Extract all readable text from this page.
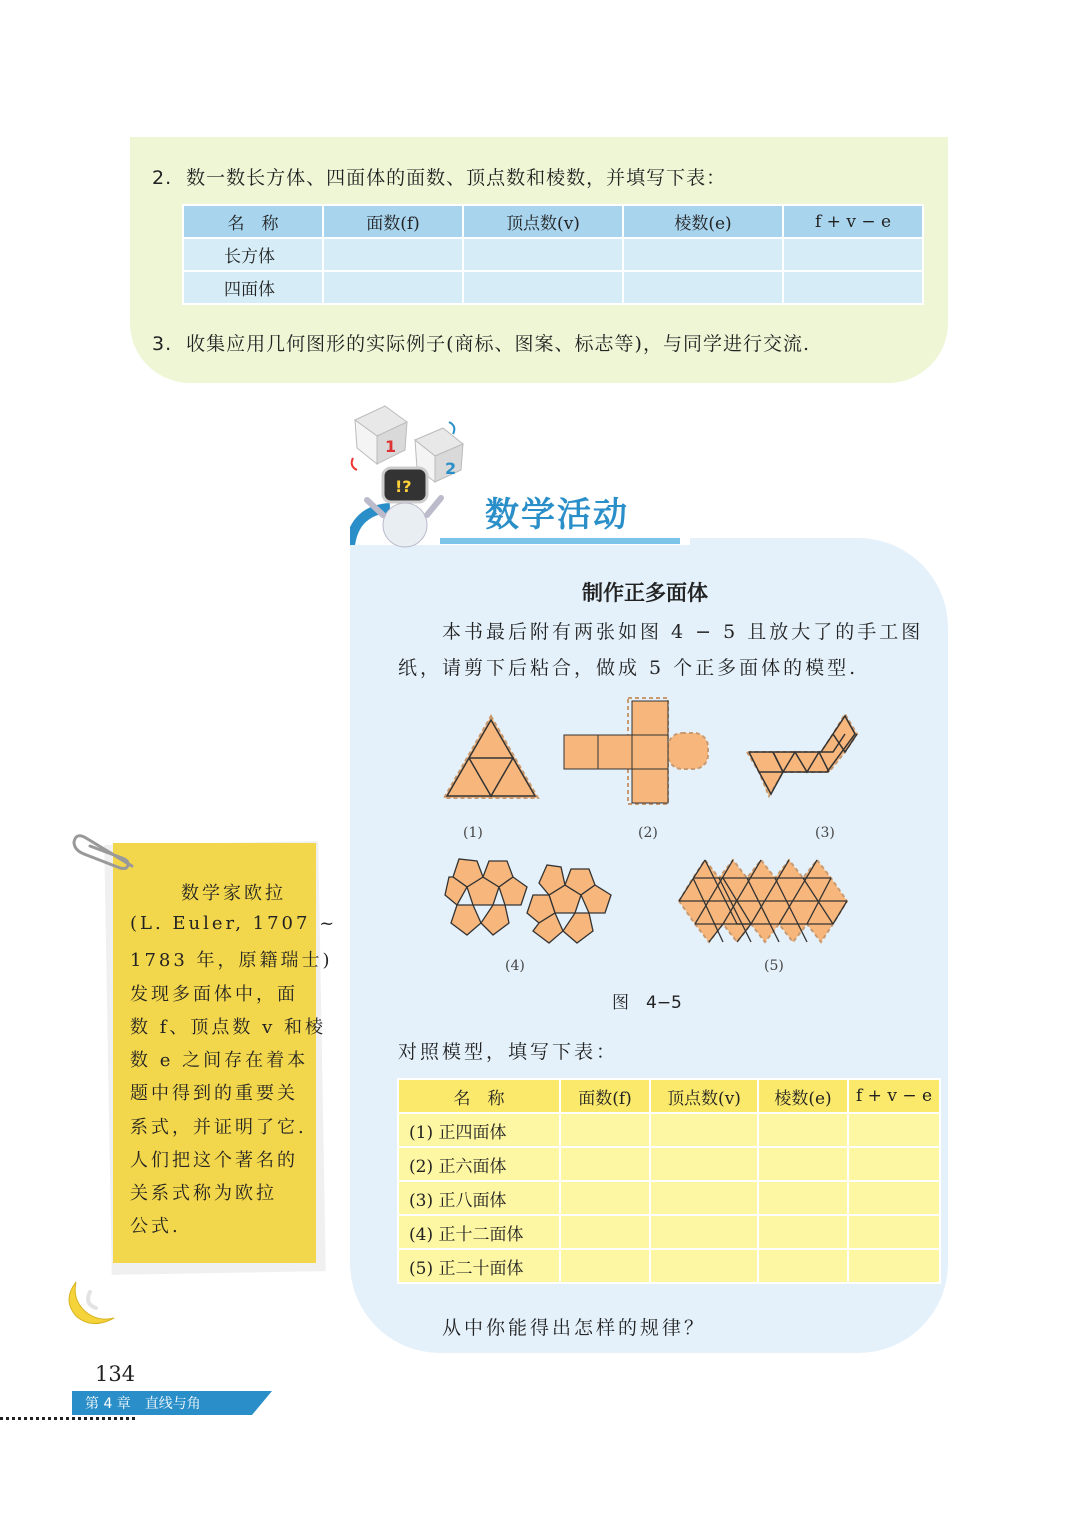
2. 数一数长方体、四面体的面数、顶点数和棱数，并填写下表：
名　称	面数(f)	顶点数(v)	棱数(e)	f + v − e
长方体				
四面体				
3. 收集应用几何图形的实际例子(商标、图案、标志等)，与同学进行交流.
数学活动
1
2
!?
制作正多面体
本书最后附有两张如图 4 − 5 且放大了的手工图
纸，请剪下后粘合，做成 5 个正多面体的模型.
(1)	(2)	(3)
(4)	(5)
图　4−5
对照模型，填写下表：
名　称	面数(f)	顶点数(v)	棱数(e)	f + v − e
(1) 正四面体				
(2) 正六面体				
(3) 正八面体				
(4) 正十二面体				
(5) 正二十面体				
从中你能得出怎样的规律？
数学家欧拉
(L. Euler, 1707 ~
1783 年，原籍瑞士)
发现多面体中，面
数 f、顶点数 v 和棱
数 e 之间存在着本
题中得到的重要关
系式，并证明了它.
人们把这个著名的
关系式称为欧拉
公式.
134
第 4 章　直线与角
